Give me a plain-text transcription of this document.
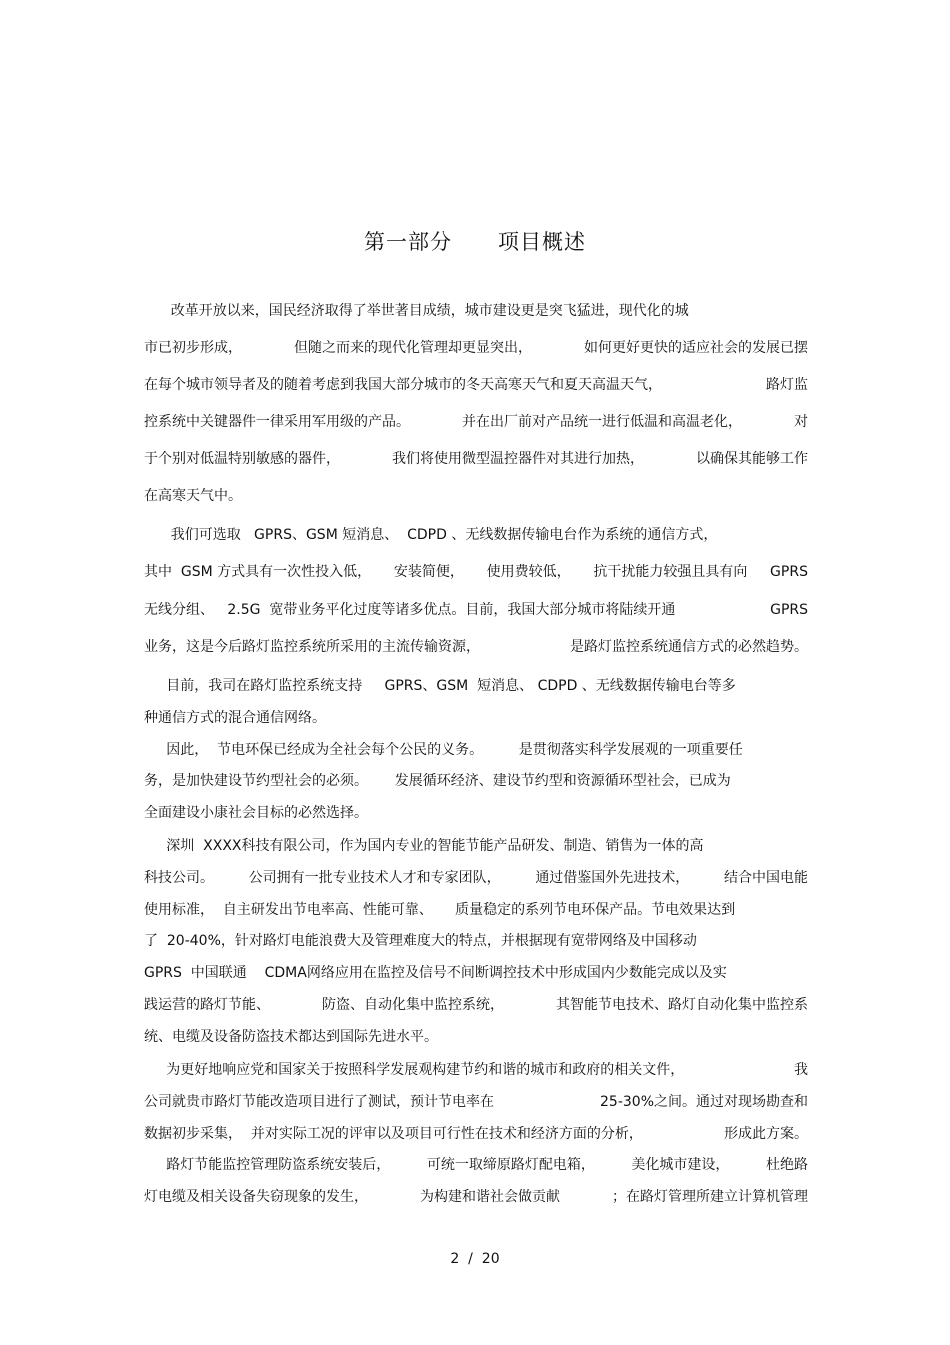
第一部分      项目概述
改革开放以来，国民经济取得了举世著目成绩，城市建设更是突飞猛进，现代化的城
市已初步形成，	但随之而来的现代化管理却更显突出，	如何更好更快的适应社会的发展已摆
在每个城市领导者及的随着考虑到我国大部分城市的冬天高寒天气和夏天高温天气，	路灯监
控系统中关键器件一律采用军用级的产品。	并在出厂前对产品统一进行低温和高温老化，	对
于个别对低温特别敏感的器件，	我们将使用微型温控器件对其进行加热，	以确保其能够工作
在高寒天气中。
我们可选取   GPRS、GSM 短消息、  CDPD 、无线数据传输电台作为系统的通信方式，
其中  GSM 方式具有一次性投入低， 安装简便， 使用费较低， 抗干扰能力较强且具有向 GPRS
无线分组、   2.5G  宽带业务平化过度等诸多优点。目前，我国大部分城市将陆续开通	GPRS
业务，这是今后路灯监控系统所采用的主流传输资源，	是路灯监控系统通信方式的必然趋势。
目前，我司在路灯监控系统支持     GPRS、GSM  短消息、 CDPD 、无线数据传输电台等多
种通信方式的混合通信网络。
因此，  节电环保已经成为全社会每个公民的义务。        是贯彻落实科学发展观的一项重要任
务，是加快建设节约型社会的必须。      发展循环经济、建设节约型和资源循环型社会，已成为
全面建设小康社会目标的必然选择。
深圳  XXXX科技有限公司，作为国内专业的智能节能产品研发、制造、销售为一体的高
科技公司。 公司拥有一批专业技术人才和专家团队， 通过借鉴国外先进技术， 结合中国电能
使用标准，  自主研发出节电率高、性能可靠、     质量稳定的系列节电环保产品。节电效果达到
了  20-40%，针对路灯电能浪费大及管理难度大的特点，并根据现有宽带网络及中国移动
GPRS  中国联通    CDMA网络应用在监控及信号不间断调控技术中形成国内少数能完成以及实
践运营的路灯节能、	防盗、自动化集中监控系统，	其智能节电技术、路灯自动化集中监控系
统、电缆及设备防盗技术都达到国际先进水平。
为更好地响应党和国家关于按照科学发展观构建节约和谐的城市和政府的相关文件，	我
公司就贵市路灯节能改造项目进行了测试，预计节电率在	25-30%之间。通过对现场勘查和
数据初步采集，  并对实际工况的评审以及项目可行性在技术和经济方面的分析，	形成此方案。
路灯节能监控管理防盗系统安装后，	可统一取缔原路灯配电箱，	美化城市建设，	杜绝路
灯电缆及相关设备失窃现象的发生，	为构建和谐社会做贡献	；在路灯管理所建立计算机管理
2  /  20
